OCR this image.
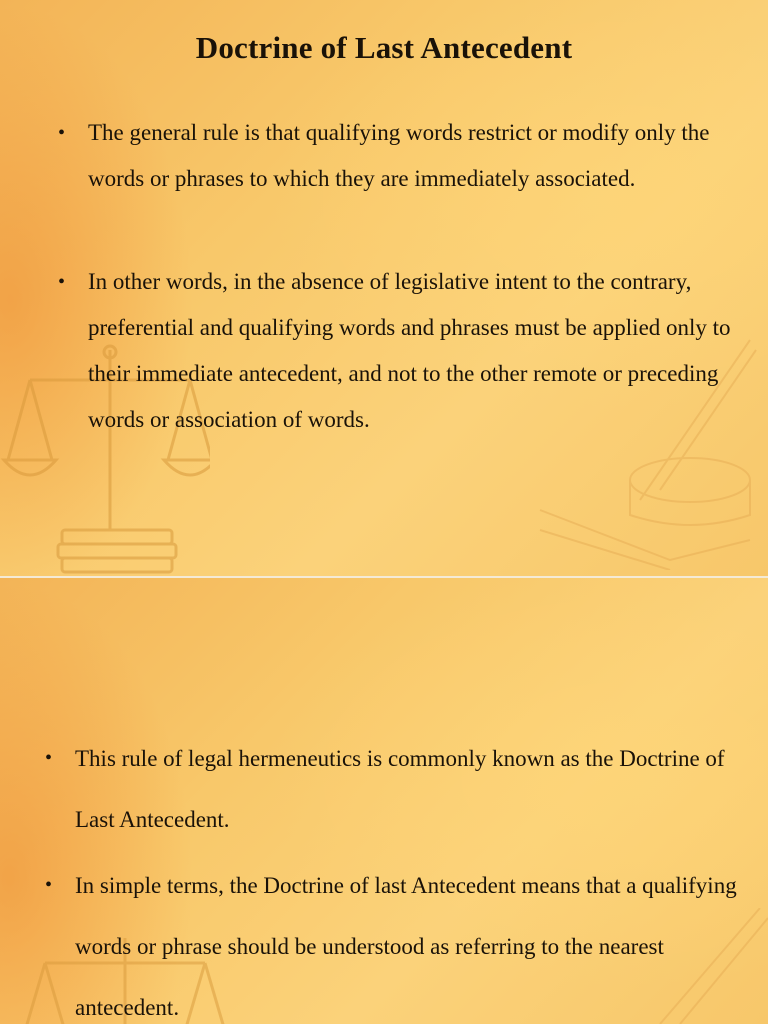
Doctrine of Last Antecedent
• The general rule is that qualifying words restrict or modify only the words or phrases to which they are immediately associated.
• In other words, in the absence of legislative intent to the contrary, preferential and qualifying words and phrases must be applied only to their immediate antecedent, and not to the other remote or preceding words or association of words.
• This rule of legal hermeneutics is commonly known as the Doctrine of Last Antecedent.
• In simple terms, the Doctrine of last Antecedent means that a qualifying words or phrase should be understood as referring to the nearest antecedent.
